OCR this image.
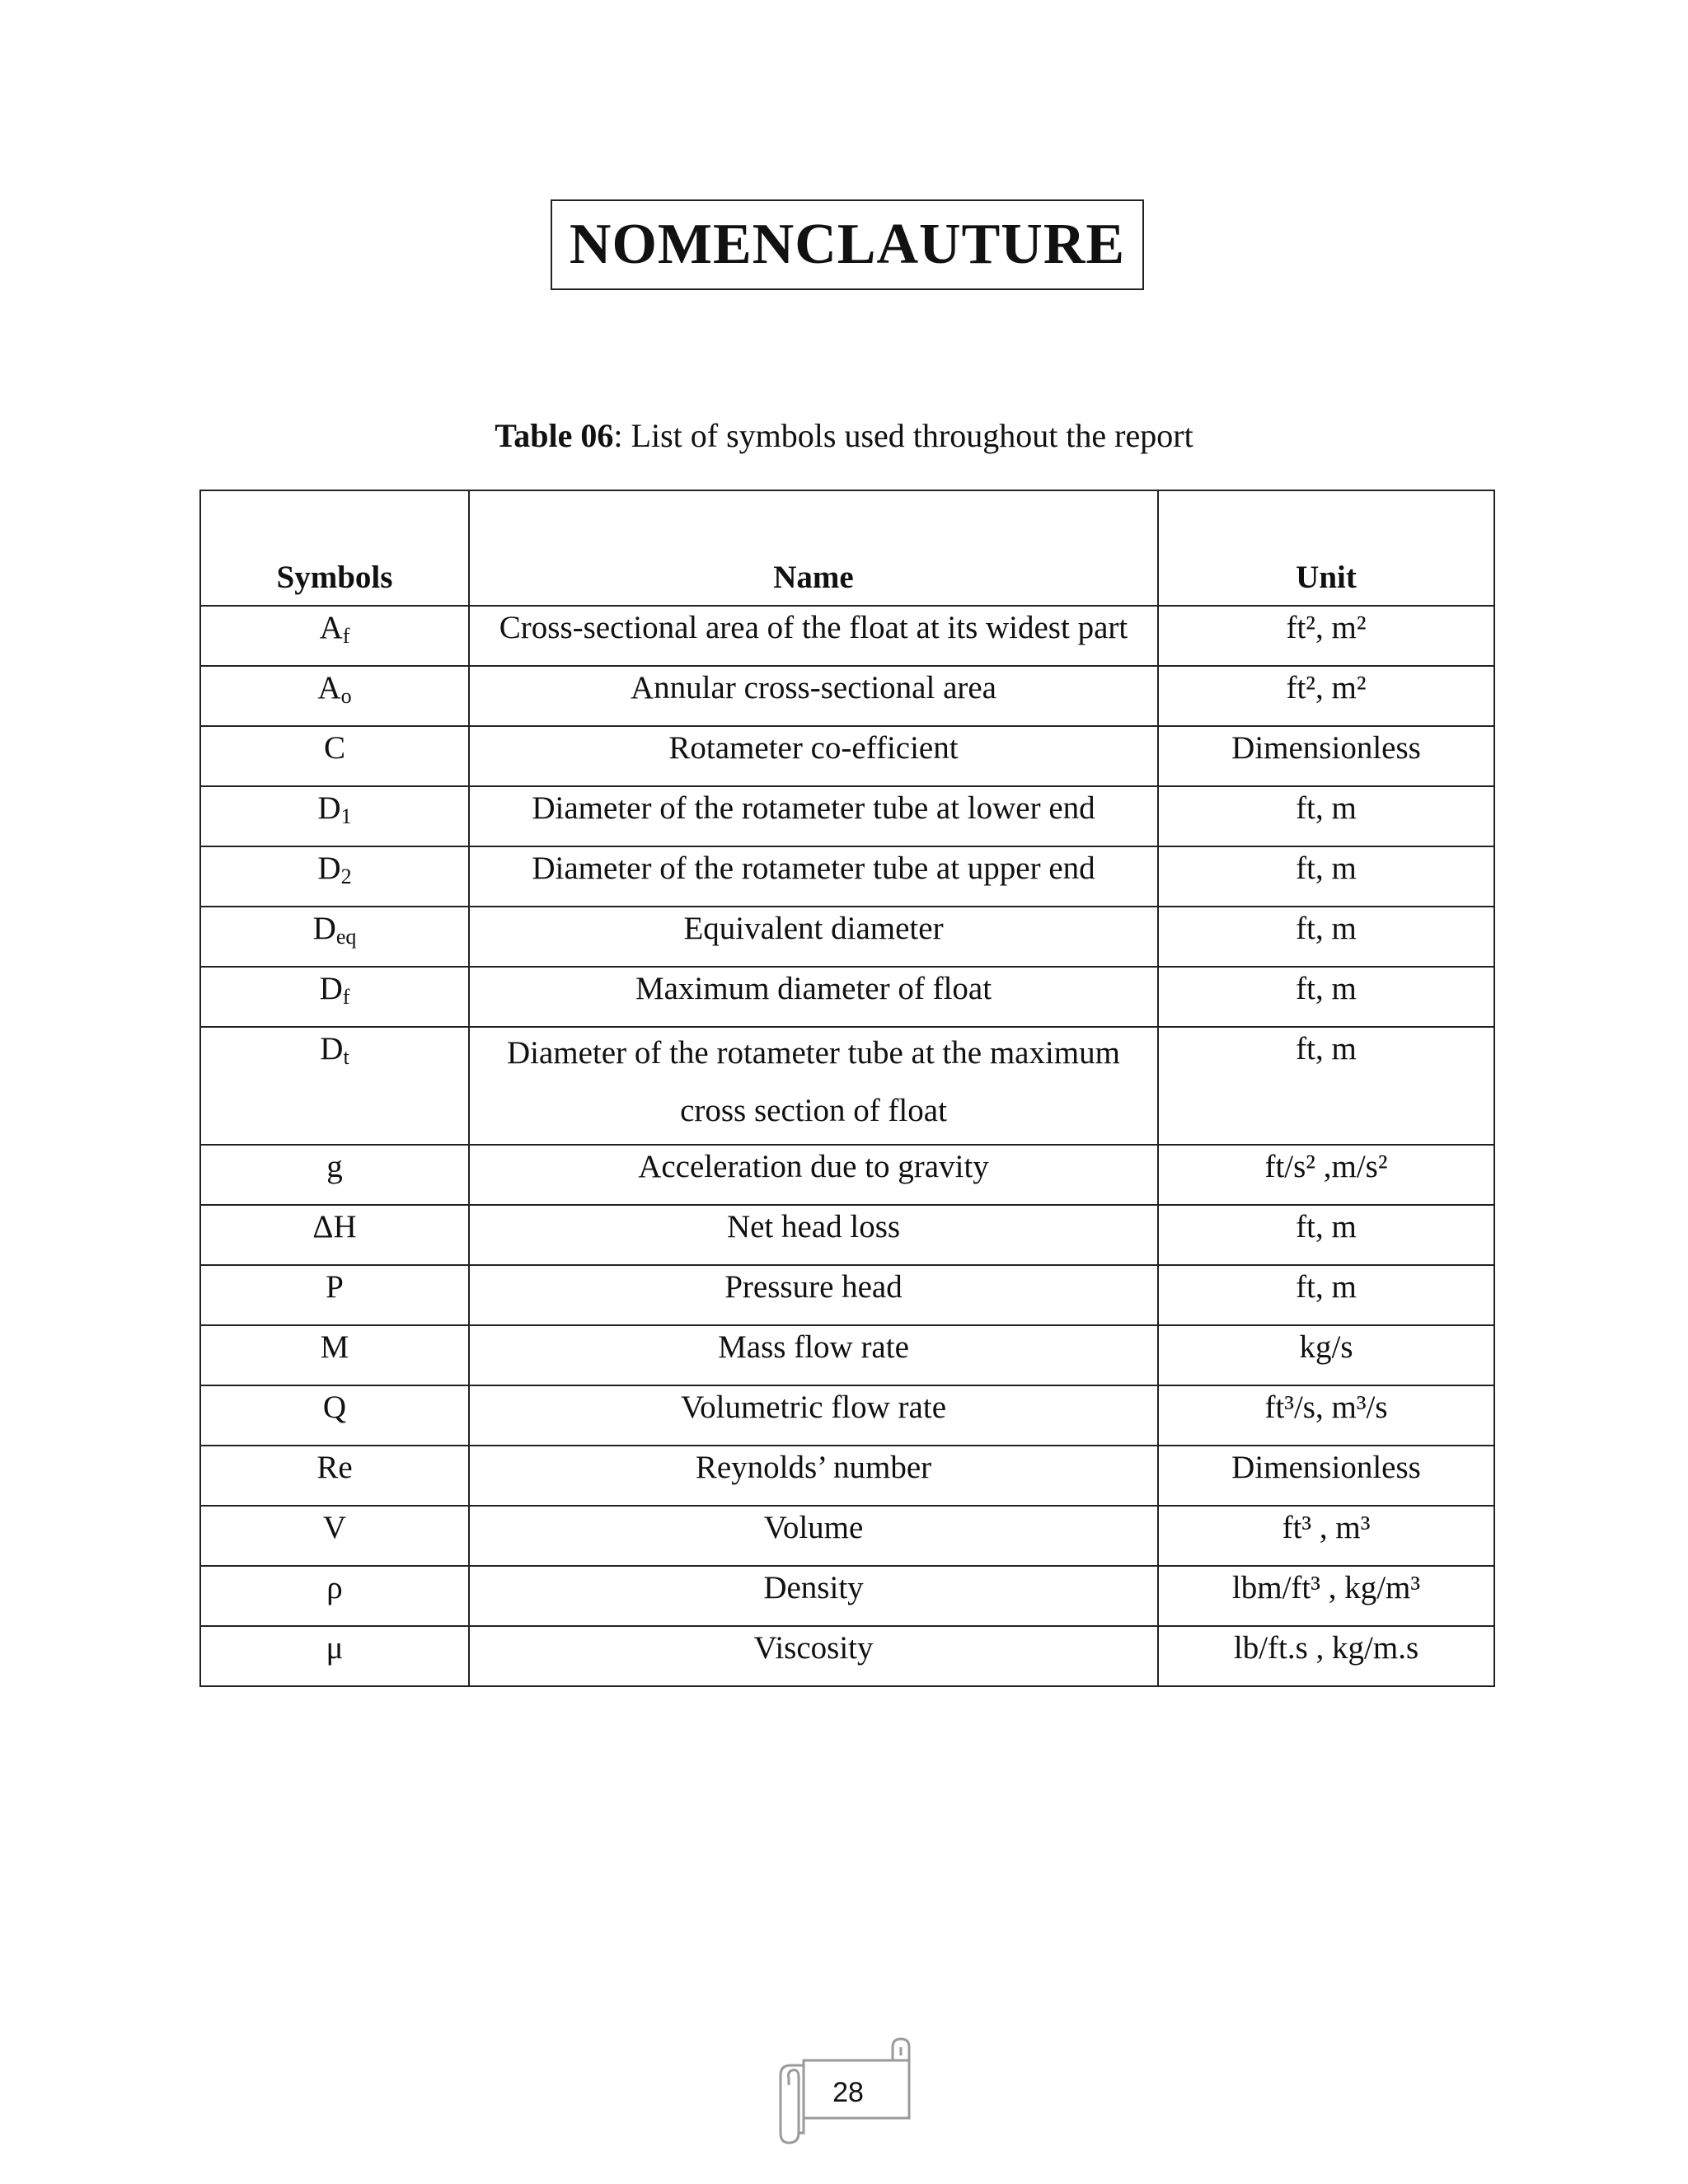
NOMENCLAUTURE
Table 06: List of symbols used throughout the report
Symbols	Name	Unit
$A_f$	Cross-sectional area of the float at its widest part	ft², m²
$A_o$	Annular cross-sectional area	ft², m²
C	Rotameter co-efficient	Dimensionless
$D_1$	Diameter of the rotameter tube at lower end	ft, m
$D_2$	Diameter of the rotameter tube at upper end	ft, m
$D_{eq}$	Equivalent diameter	ft, m
$D_f$	Maximum diameter of float	ft, m
$D_t$	Diameter of the rotameter tube at the maximum cross section of float	ft, m
g	Acceleration due to gravity	ft/s² ,m/s²
ΔH	Net head loss	ft, m
P	Pressure head	ft, m
M	Mass flow rate	kg/s
Q	Volumetric flow rate	ft³/s, m³/s
Re	Reynolds’ number	Dimensionless
V	Volume	ft³ , m³
ρ	Density	lbm/ft³ , kg/m³
μ	Viscosity	lb/ft.s , kg/m.s
28
